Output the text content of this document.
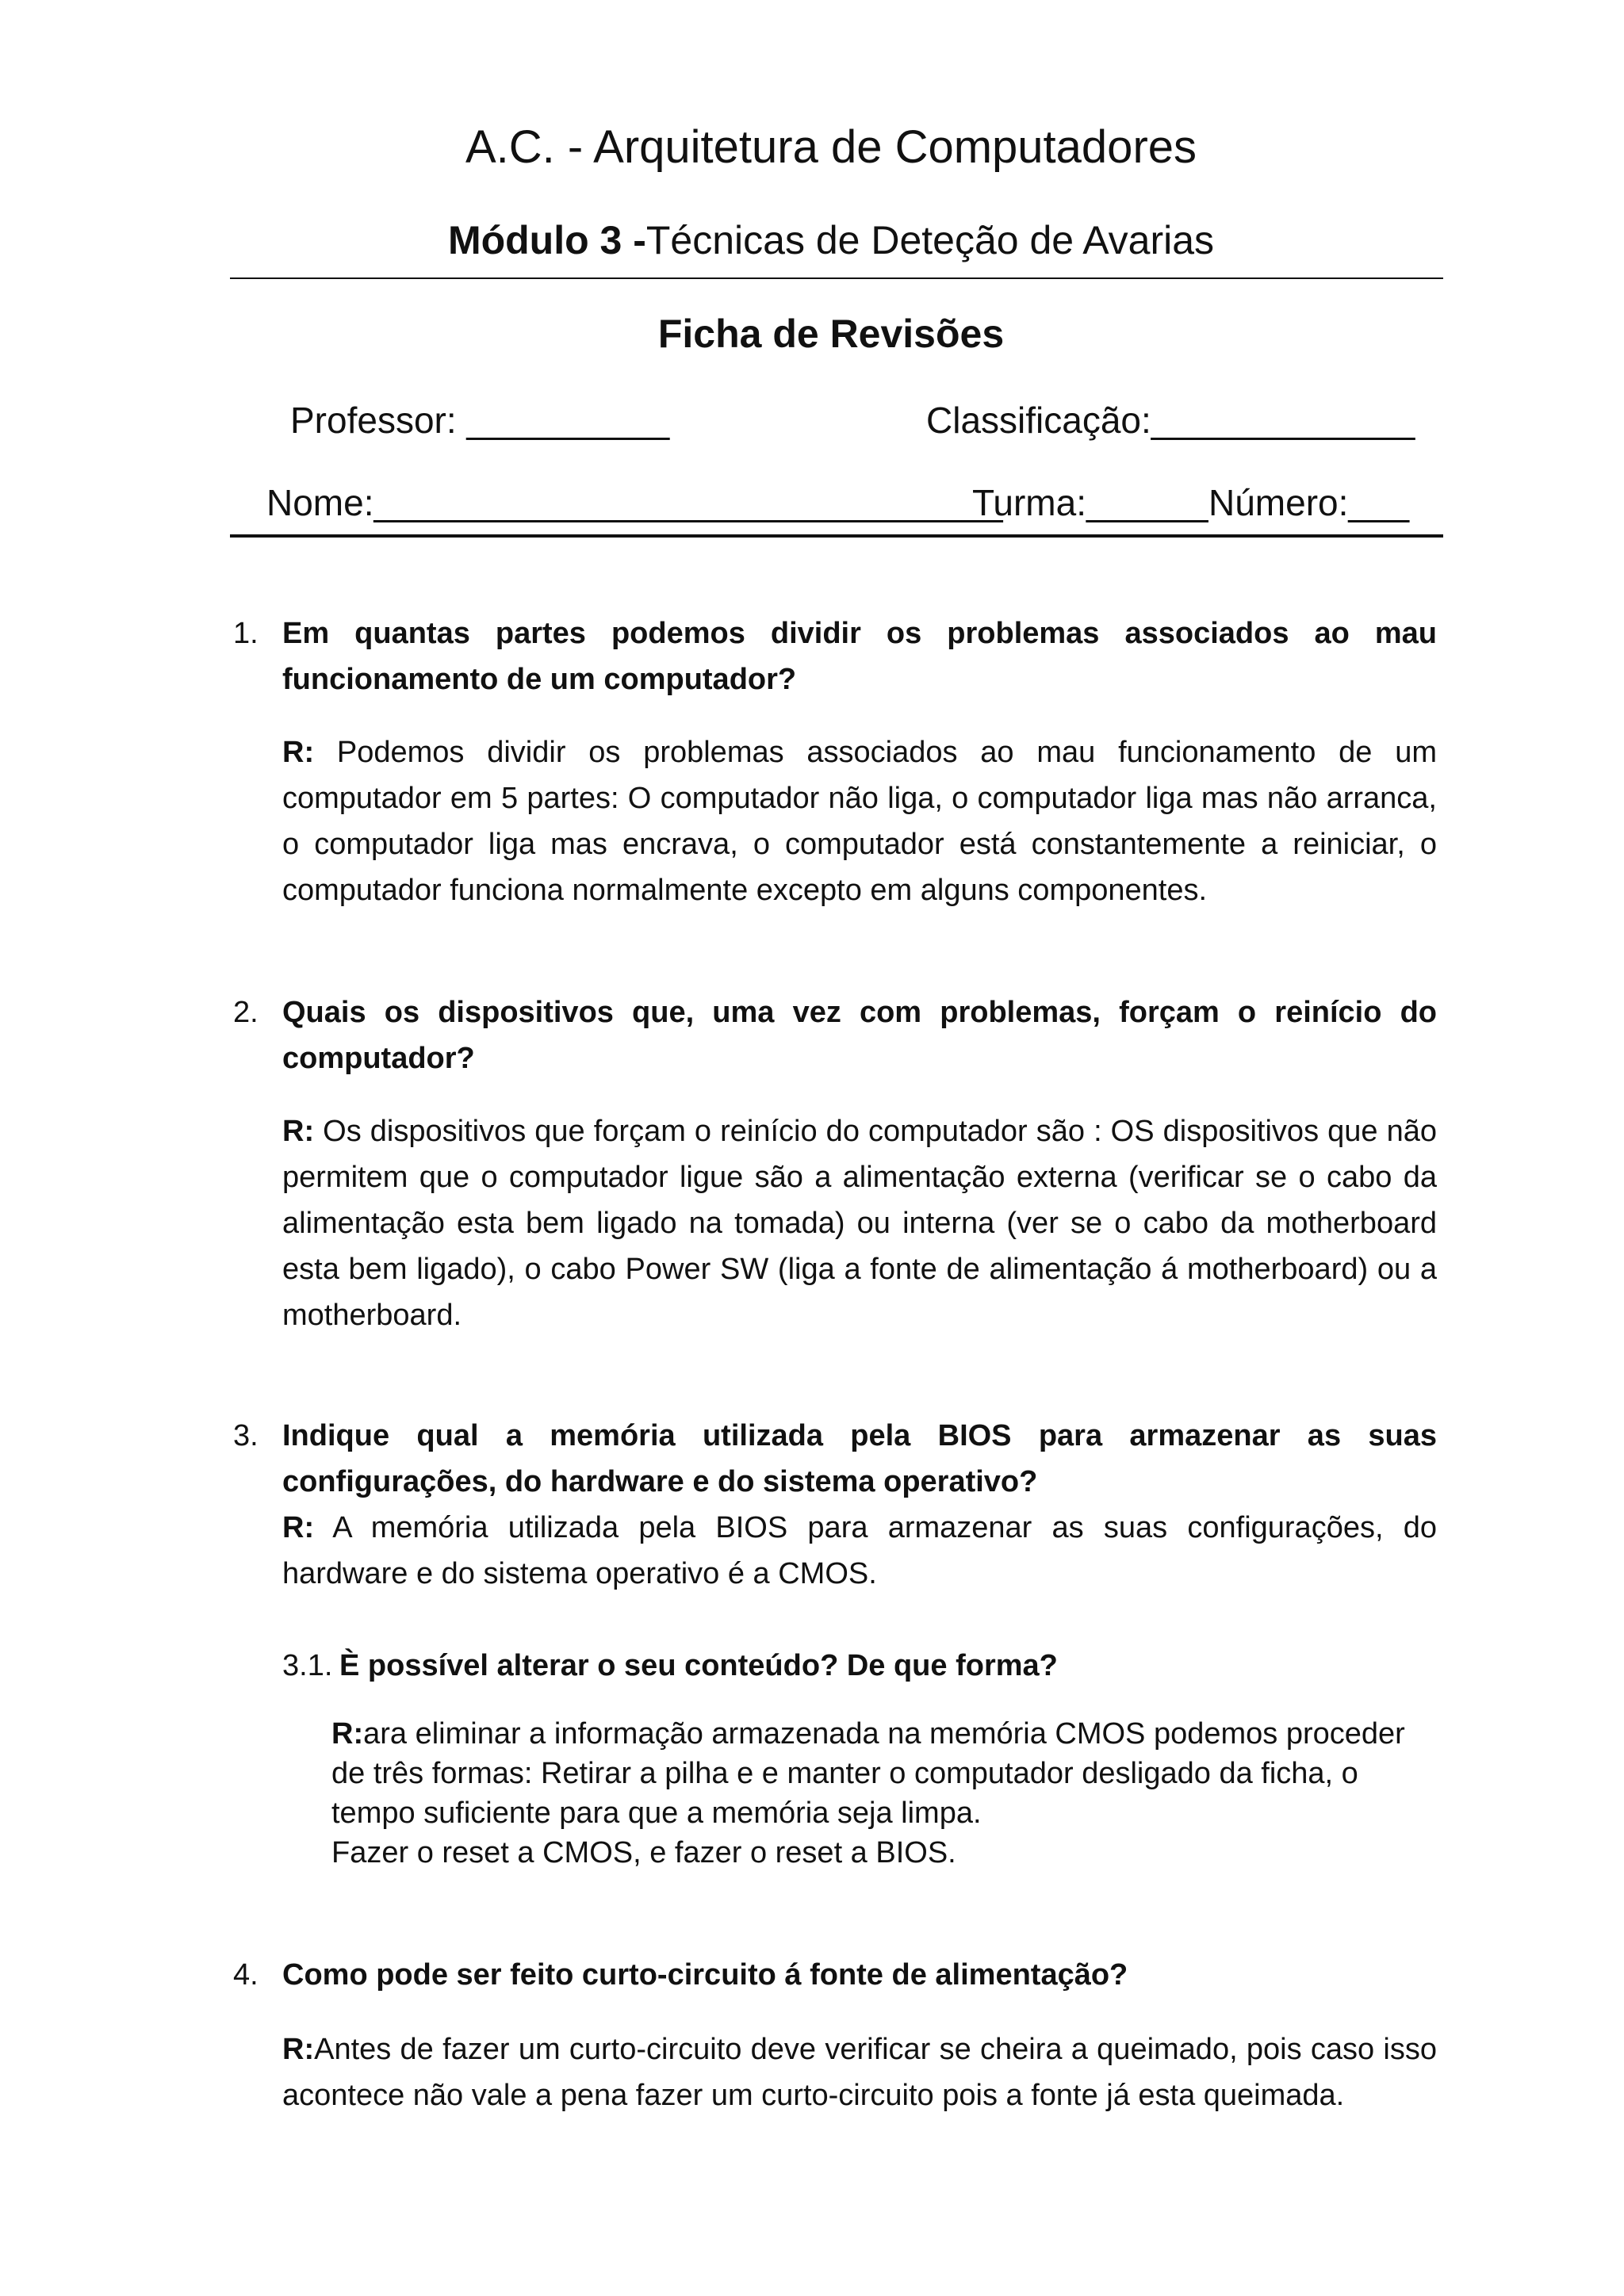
A.C. - Arquitetura de Computadores
Módulo 3 -Técnicas de Deteção de Avarias
Ficha de Revisões
Professor: __________	Classificação:_____________
Nome:_______________________________
Turma:______ Número:___
1. Em quantas partes podemos dividir os problemas associados ao mau funcionamento de um computador?
R: Podemos dividir os problemas associados ao mau funcionamento de um computador em 5 partes: O computador não liga, o computador liga mas não arranca, o computador liga mas encrava, o computador está constantemente a reiniciar, o computador funciona normalmente excepto em alguns componentes.
2. Quais os dispositivos que, uma vez com problemas, forçam o reinício do computador?
R: Os dispositivos que forçam o reinício do computador são : OS dispositivos que não permitem que o computador ligue são a alimentação externa (verificar se o cabo da alimentação esta bem ligado na tomada) ou interna (ver se o cabo da motherboard esta bem ligado), o cabo Power SW (liga a fonte de alimentação á motherboard) ou a motherboard.
3. Indique qual a memória utilizada pela BIOS para armazenar as suas configurações, do hardware e do sistema operativo?
R: A memória utilizada pela BIOS para armazenar as suas configurações, do hardware e do sistema operativo é a CMOS.
3.1. È possível alterar o seu conteúdo? De que forma?
R:ara eliminar a informação armazenada na memória CMOS podemos proceder de três formas: Retirar a pilha e e manter o computador desligado da ficha, o tempo suficiente para que a memória seja limpa.
Fazer o reset a CMOS, e fazer o reset a BIOS.
4. Como pode ser feito curto-circuito á fonte de alimentação?
R:Antes de fazer um curto-circuito deve verificar se cheira a queimado, pois caso isso acontece não vale a pena fazer um curto-circuito pois a fonte já esta queimada.
